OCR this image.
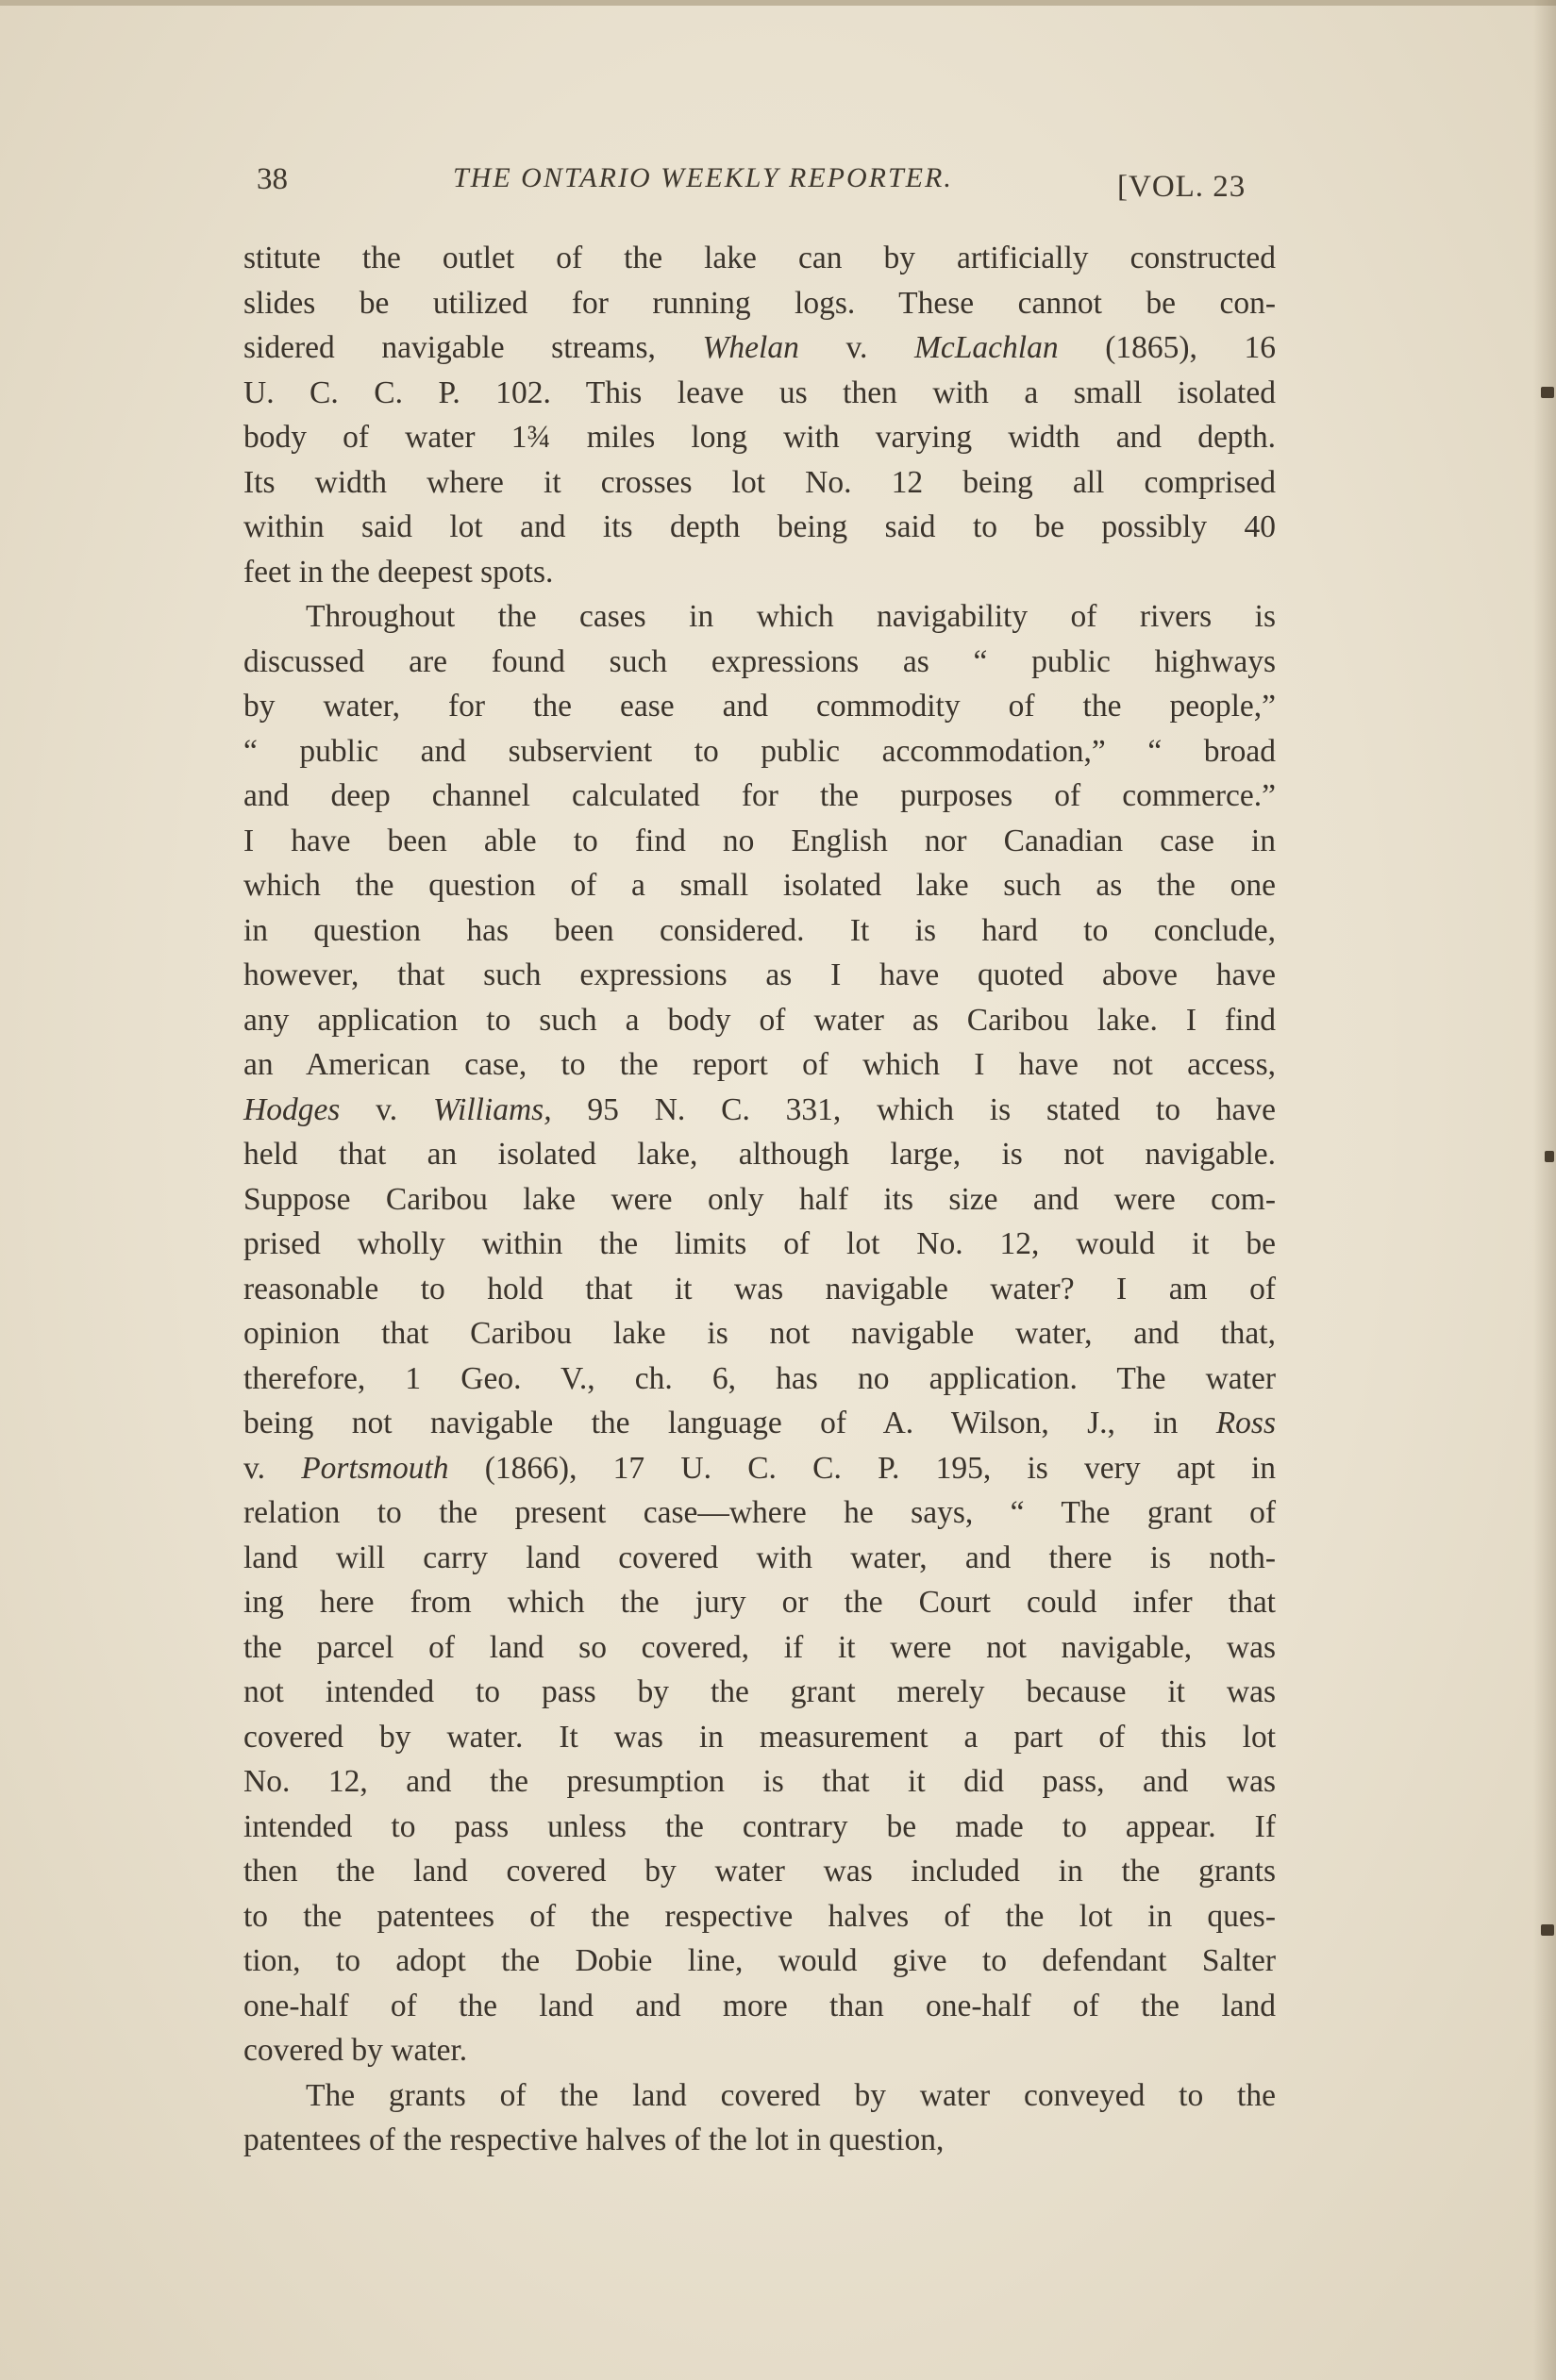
38	THE ONTARIO WEEKLY REPORTER.	[VOL. 23
stitute the outlet of the lake can by artificially constructed
slides be utilized for running logs. These cannot be con-
sidered navigable streams, Whelan v. McLachlan (1865), 16
U. C. C. P. 102. This leave us then with a small isolated
body of water 1¾ miles long with varying width and depth.
Its width where it crosses lot No. 12 being all comprised
within said lot and its depth being said to be possibly 40
feet in the deepest spots.
Throughout the cases in which navigability of rivers is
discussed are found such expressions as “ public highways
by water, for the ease and commodity of the people,”
“ public and subservient to public accommodation,” “ broad
and deep channel calculated for the purposes of commerce.”
I have been able to find no English nor Canadian case in
which the question of a small isolated lake such as the one
in question has been considered. It is hard to conclude,
however, that such expressions as I have quoted above have
any application to such a body of water as Caribou lake. I find
an American case, to the report of which I have not access,
Hodges v. Williams, 95 N. C. 331, which is stated to have
held that an isolated lake, although large, is not navigable.
Suppose Caribou lake were only half its size and were com-
prised wholly within the limits of lot No. 12, would it be
reasonable to hold that it was navigable water? I am of
opinion that Caribou lake is not navigable water, and that,
therefore, 1 Geo. V., ch. 6, has no application. The water
being not navigable the language of A. Wilson, J., in Ross
v. Portsmouth (1866), 17 U. C. C. P. 195, is very apt in
relation to the present case—where he says, “ The grant of
land will carry land covered with water, and there is noth-
ing here from which the jury or the Court could infer that
the parcel of land so covered, if it were not navigable, was
not intended to pass by the grant merely because it was
covered by water. It was in measurement a part of this lot
No. 12, and the presumption is that it did pass, and was
intended to pass unless the contrary be made to appear. If
then the land covered by water was included in the grants
to the patentees of the respective halves of the lot in ques-
tion, to adopt the Dobie line, would give to defendant Salter
one-half of the land and more than one-half of the land
covered by water.
The grants of the land covered by water conveyed to the
patentees of the respective halves of the lot in question,
